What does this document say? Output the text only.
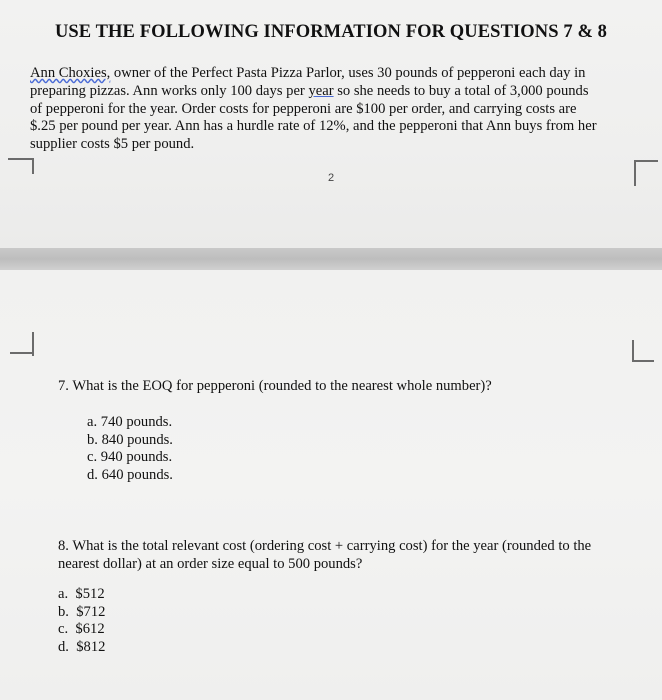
USE THE FOLLOWING INFORMATION FOR QUESTIONS 7 & 8
Ann Choxies, owner of the Perfect Pasta Pizza Parlor, uses 30 pounds of pepperoni each day in
preparing pizzas. Ann works only 100 days per year so she needs to buy a total of 3,000 pounds
of pepperoni for the year. Order costs for pepperoni are $100 per order, and carrying costs are
$.25 per pound per year. Ann has a hurdle rate of 12%, and the pepperoni that Ann buys from her
supplier costs $5 per pound.
2
7. What is the EOQ for pepperoni (rounded to the nearest whole number)?
a. 740 pounds.
b. 840 pounds.
c. 940 pounds.
d. 640 pounds.
8. What is the total relevant cost (ordering cost + carrying cost) for the year (rounded to the
nearest dollar) at an order size equal to 500 pounds?
a.  $512
b.  $712
c.  $612
d.  $812
